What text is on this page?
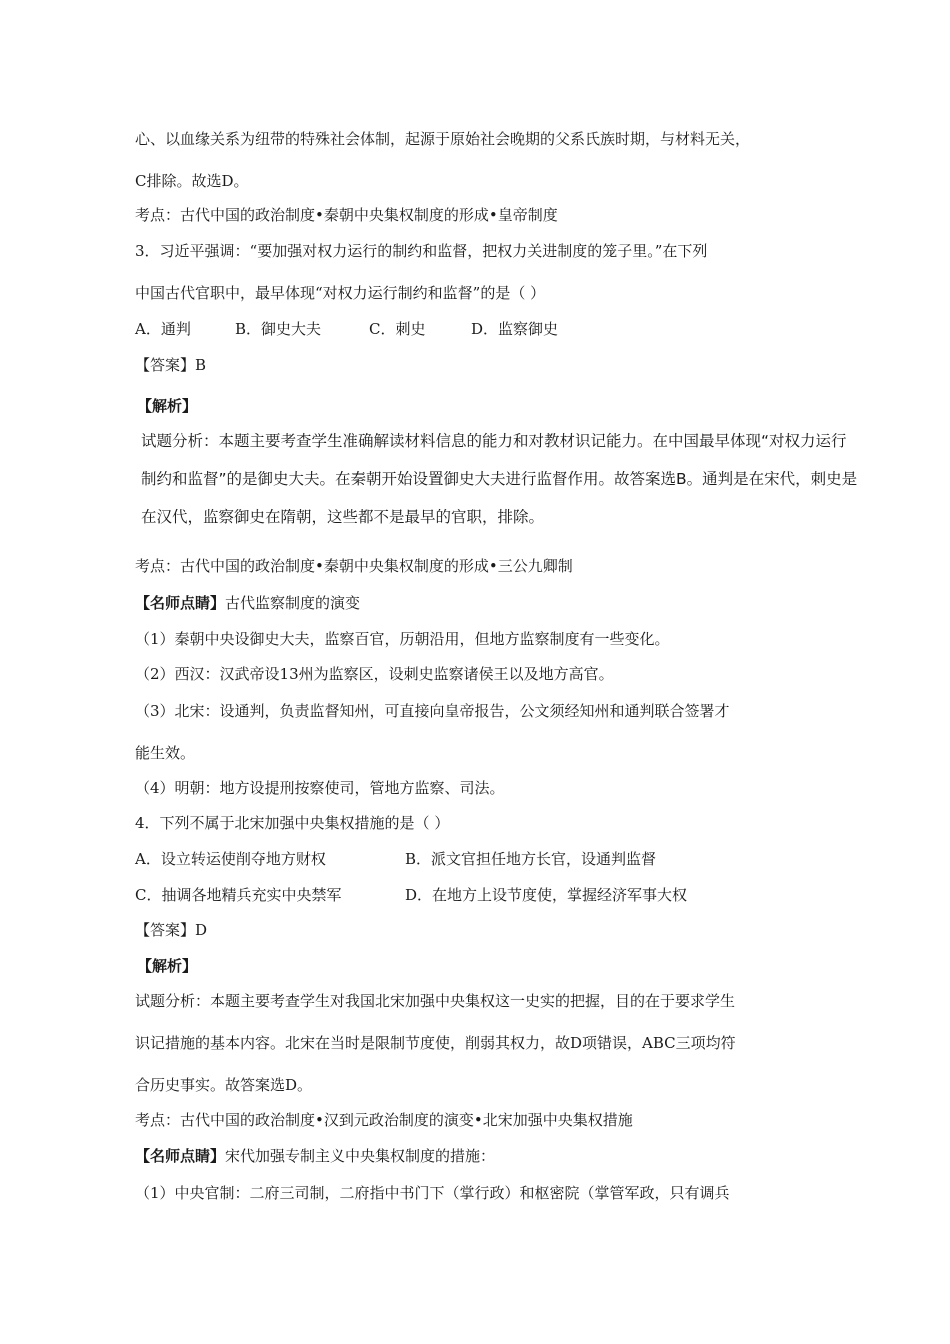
心、以血缘关系为纽带的特殊社会体制，起源于原始社会晚期的父系氏族时期，与材料无关，
C排除。故选D。
考点：古代中国的政治制度•秦朝中央集权制度的形成•皇帝制度
3．习近平强调：“要加强对权力运行的制约和监督，把权力关进制度的笼子里。”在下列
中国古代官职中，最早体现“对权力运行制约和监督”的是（ ）
A．通判	B．御史大夫	C．刺史	D．监察御史
【答案】B
【解析】
试题分析：本题主要考查学生准确解读材料信息的能力和对教材识记能力。在中国最早体现“对权力运行
制约和监督”的是御史大夫。在秦朝开始设置御史大夫进行监督作用。故答案选B。通判是在宋代，刺史是
在汉代，监察御史在隋朝，这些都不是最早的官职，排除。
考点：古代中国的政治制度•秦朝中央集权制度的形成•三公九卿制
【名师点睛】古代监察制度的演变
（1）秦朝中央设御史大夫，监察百官，历朝沿用，但地方监察制度有一些变化。
（2）西汉：汉武帝设13州为监察区，设刺史监察诸侯王以及地方高官。
（3）北宋：设通判，负责监督知州，可直接向皇帝报告，公文须经知州和通判联合签署才
能生效。
（4）明朝：地方设提刑按察使司，管地方监察、司法。
4．下列不属于北宋加强中央集权措施的是（ ）
A．设立转运使削夺地方财权	B．派文官担任地方长官，设通判监督
C．抽调各地精兵充实中央禁军	D．在地方上设节度使，掌握经济军事大权
【答案】D
【解析】
试题分析：本题主要考查学生对我国北宋加强中央集权这一史实的把握，目的在于要求学生
识记措施的基本内容。北宋在当时是限制节度使，削弱其权力，故D项错误，ABC三项均符
合历史事实。故答案选D。
考点：古代中国的政治制度•汉到元政治制度的演变•北宋加强中央集权措施
【名师点睛】宋代加强专制主义中央集权制度的措施：
（1）中央官制：二府三司制，二府指中书门下（掌行政）和枢密院（掌管军政，只有调兵
